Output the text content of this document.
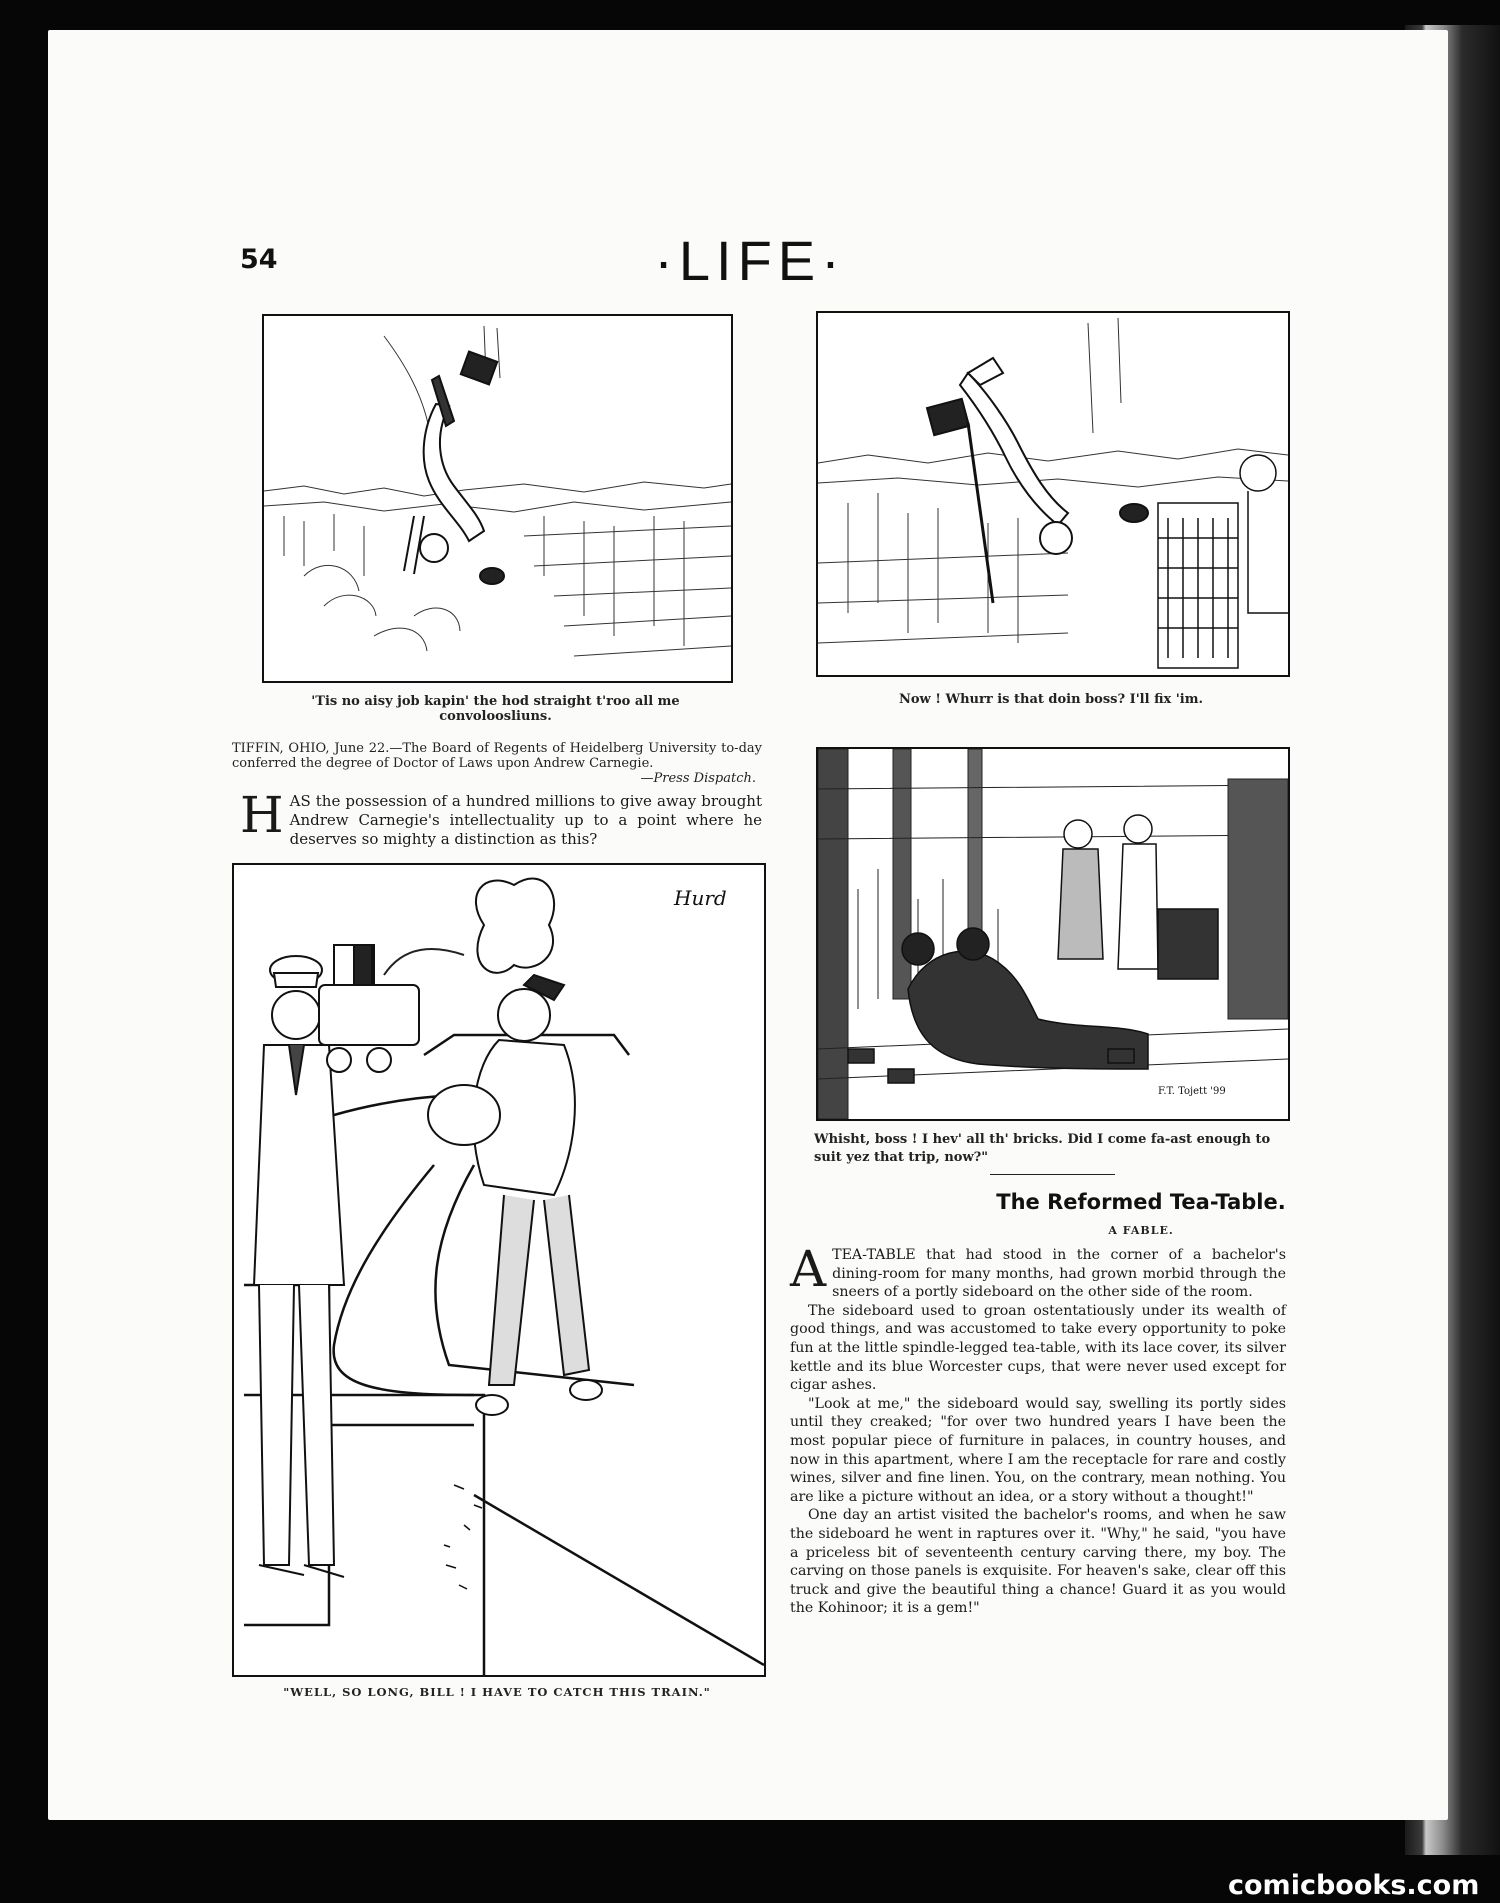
54	·LIFE·
'Tis no aisy job kapin' the hod straight t'roo all me convoloosliuns.
Now ! Whurr is that doin boss? I'll fix 'im.
TIFFIN, OHIO, June 22.—The Board of Regents of Heidelberg University to-day conferred the degree of Doctor of Laws upon Andrew Carnegie.
—Press Dispatch.
H AS the possession of a hundred millions to give away brought Andrew Carnegie's intellectuality up to a point where he deserves so mighty a distinction as this?
F.T. Tojett '99
Whisht, boss ! I hev' all th' bricks. Did I come fa-ast enough to suit yez that trip, now?"
Hurd
"WELL, SO LONG, BILL ! I HAVE TO CATCH THIS TRAIN."
The Reformed Tea-Table.
A FABLE.

A TEA-TABLE that had stood in the corner of a bachelor's dining-room for many months, had grown morbid through the sneers of a portly sideboard on the other side of the room.

The sideboard used to groan ostentatiously under its wealth of good things, and was accustomed to take every opportunity to poke fun at the little spindle-legged tea-table, with its lace cover, its silver kettle and its blue Worcester cups, that were never used except for cigar ashes.

"Look at me," the sideboard would say, swelling its portly sides until they creaked; "for over two hundred years I have been the most popular piece of furniture in palaces, in country houses, and now in this apartment, where I am the receptacle for rare and costly wines, silver and fine linen. You, on the contrary, mean nothing. You are like a picture without an idea, or a story without a thought!"

One day an artist visited the bachelor's rooms, and when he saw the sideboard he went in raptures over it. "Why," he said, "you have a priceless bit of seventeenth century carving there, my boy. The carving on those panels is exquisite. For heaven's sake, clear off this truck and give the beautiful thing a chance! Guard it as you would the Kohinoor; it is a gem!"

comicbooks.com
